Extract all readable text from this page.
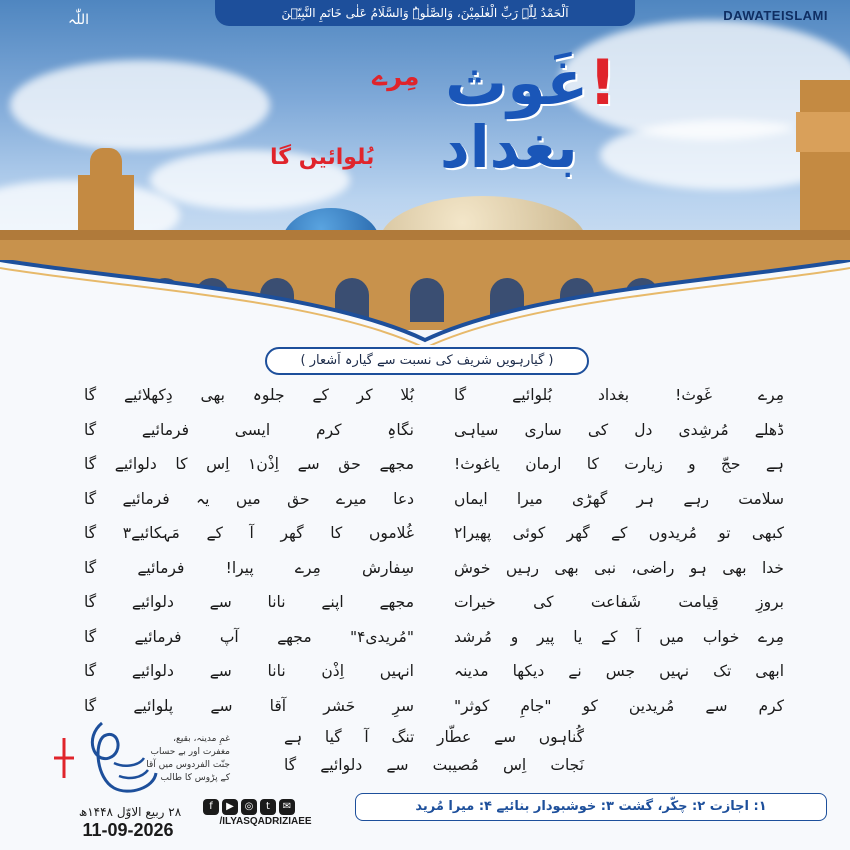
اَلْحَمْدُ لِلّٰہِ رَبِّ الْعٰلَمِیْنَ، وَالصَّلٰوۃُ وَالسَّلَامُ عَلٰی خَاتَمِ النَّبِیّٖنَ
اللّٰہ	DAWATEISLAMI
مِرے	!غَوث
بغداد
بُلوائیں گا
( گیارہویں شریف کی نسبت سے گیارہ اَشعار )
مِرے غَوث! بغداد بُلوائیے گا
بُلا کر کے جلوہ بھی دِکھلائیے گا
ڈھلے مُرشِدی دل کی ساری سیاہی
نگاہِ کرم ایسی فرمائیے گا
ہے حجّ و زیارت کا ارمان یاغوث!
مجھے حق سے اِذْن۱ اِس کا دلوائیے گا
سلامت رہے ہر گھڑی میرا ایماں
دعا میرے حق میں یہ فرمائیے گا
کبھی تو مُریدوں کے گھر کوئی پھیرا۲
غُلاموں کا گھر آ کے مَہکائیے۳ گا
خدا بھی ہو راضی، نبی بھی رہیں خوش
سِفارش مِرے پیرا! فرمائیے گا
بروزِ قِیامت شَفاعت کی خیرات
مجھے اپنے نانا سے دلوائیے گا
مِرے خواب میں آ کے یا پیر و مُرشد
"مُریدی۴" مجھے آپ فرمائیے گا
ابھی تک نہیں جس نے دیکھا مدینہ
انہیں اِذْن نانا سے دلوائیے گا
کرم سے مُریدین کو "جامِ کوثر"
سرِ حَشر آقا سے پلوائیے گا
گُناہوں سے عطّار تنگ آ گیا ہے
نَجات اِس مُصیبت سے دلوائیے گا
۱: اجازت ۲: چکّر، گشت ۳: خوشبودار بنائیے ۴: میرا مُرید
غمِ مدینہ، بقیع،
مغفرت اور بے حساب
جنّت الفردوس میں آقا
کے پڑوس کا طالب
f ▶ ◎ t ✉
/ILYASQADRIZIAEE
۲۸ ربیع الاوّل ۱۴۴۸ھ
11-09-2026
